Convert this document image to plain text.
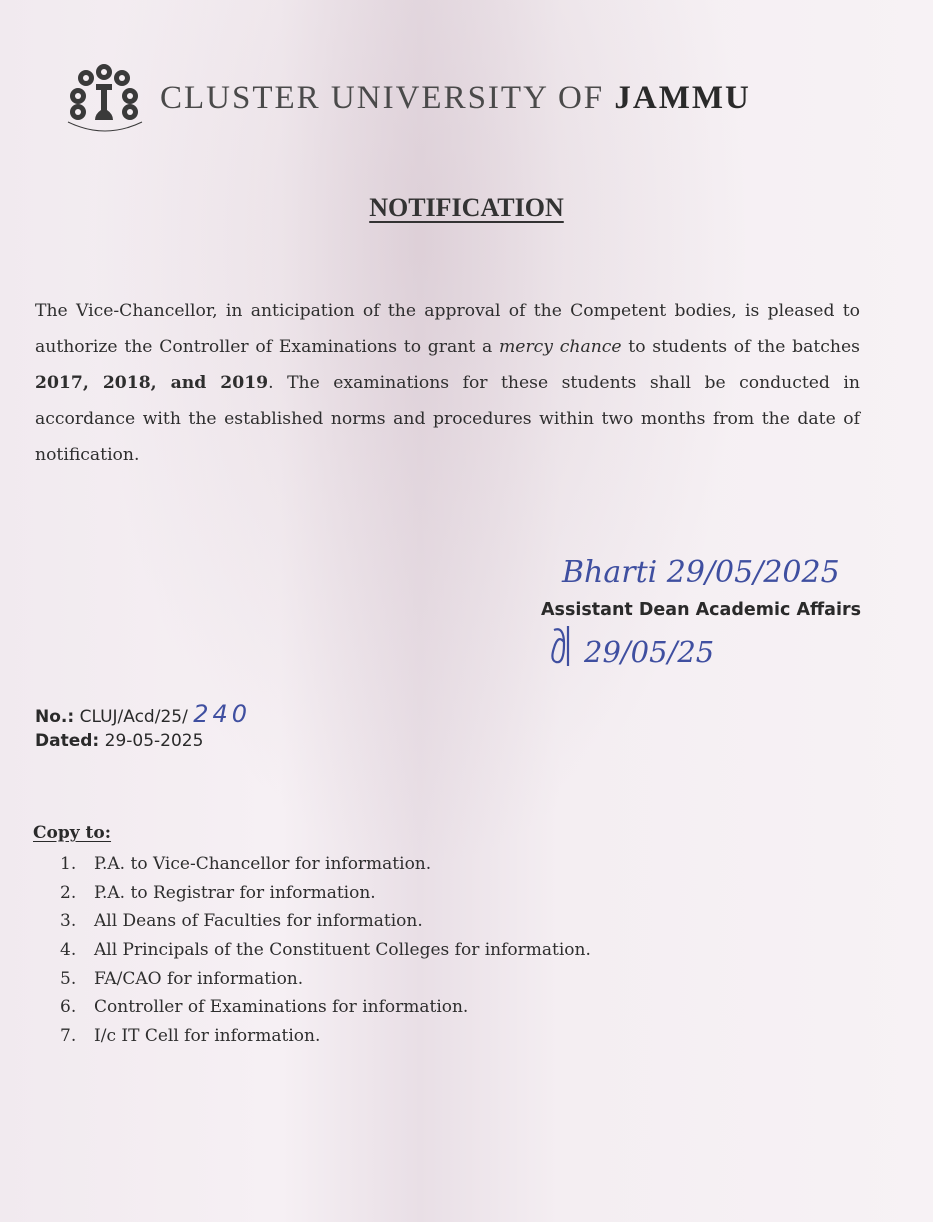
CLUSTER UNIVERSITY OF JAMMU
NOTIFICATION
The Vice-Chancellor, in anticipation of the approval of the Competent bodies, is pleased to authorize the Controller of Examinations to grant a mercy chance to students of the batches 2017, 2018, and 2019. The examinations for these students shall be conducted in accordance with the established norms and procedures within two months from the date of notification.
Bharti 29/05/2025
Assistant Dean Academic Affairs
29/05/25
No.: CLUJ/Acd/25/ 240
Dated: 29-05-2025
Copy to:
1. P.A. to Vice-Chancellor for information.
2. P.A. to Registrar for information.
3. All Deans of Faculties for information.
4. All Principals of the Constituent Colleges for information.
5. FA/CAO for information.
6. Controller of Examinations for information.
7. I/c IT Cell for information.
